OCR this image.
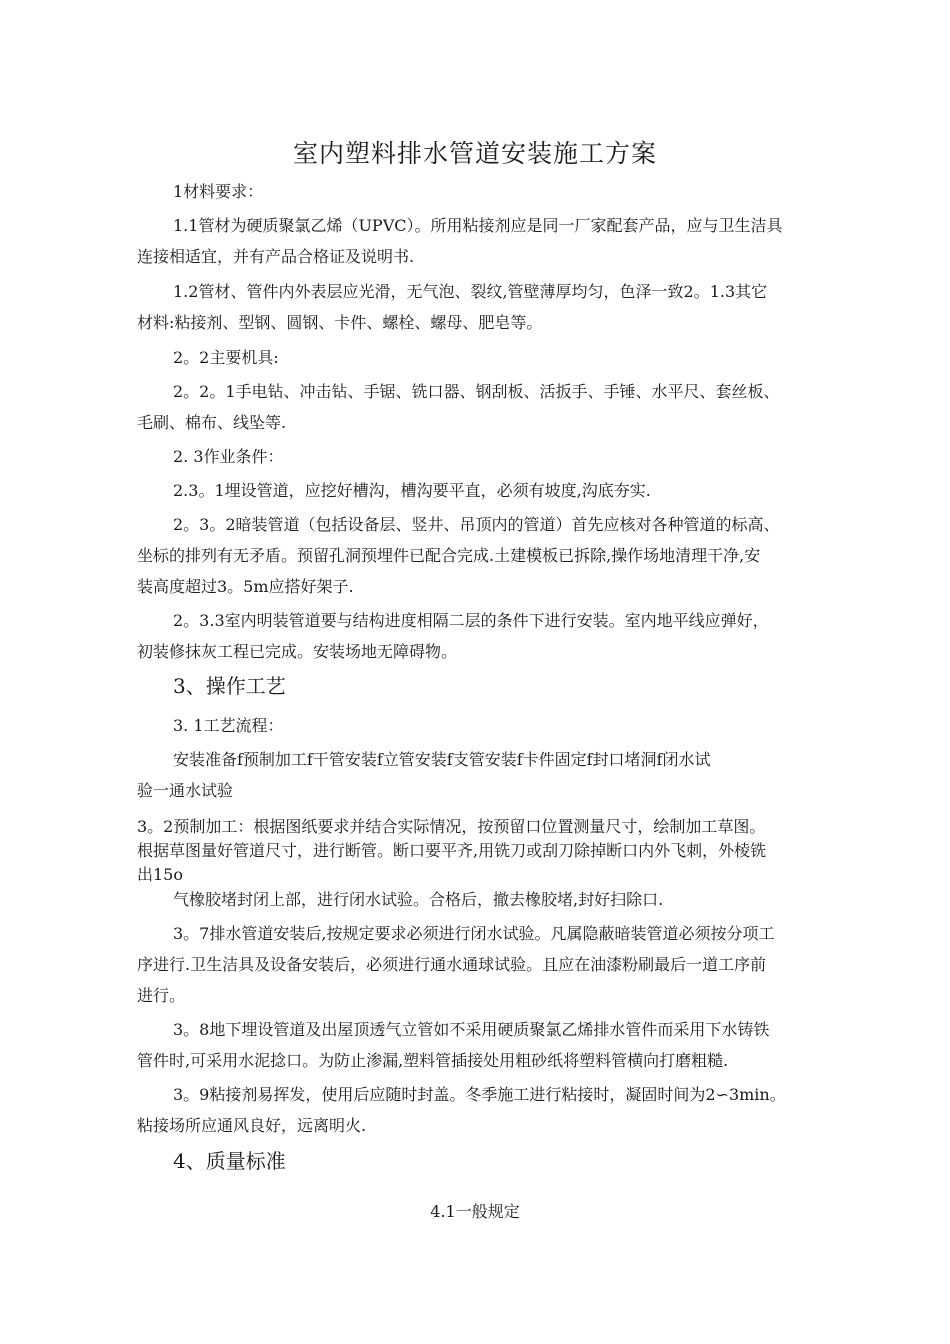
室内塑料排水管道安装施工方案
1材料要求：
1.1管材为硬质聚氯乙烯（UPVC）。所用粘接剂应是同一厂家配套产品，应与卫生洁具
连接相适宜，并有产品合格证及说明书.
1.2管材、管件内外表层应光滑，无气泡、裂纹,管壁薄厚均匀，色泽一致2。1.3其它
材料:粘接剂、型钢、圆钢、卡件、螺栓、螺母、肥皂等。
2。2主要机具:
2。2。1手电钻、冲击钻、手锯、铣口器、钢刮板、活扳手、手锤、水平尺、套丝板、
毛刷、棉布、线坠等.
2. 3作业条件：
2.3。1埋设管道，应挖好槽沟，槽沟要平直，必须有坡度,沟底夯实.
2。3。2暗装管道（包括设备层、竖井、吊顶内的管道）首先应核对各种管道的标高、
坐标的排列有无矛盾。预留孔洞预埋件已配合完成.土建模板已拆除,操作场地清理干净,安
装高度超过3。5m应搭好架子.
2。3.3室内明装管道要与结构进度相隔二层的条件下进行安装。室内地平线应弹好，
初装修抹灰工程已完成。安装场地无障碍物。
3、操作工艺
3. 1工艺流程：
安装准备f预制加工f干管安装f立管安装f支管安装f卡件固定f封口堵洞f闭水试
验一通水试验
3。2预制加工：根据图纸要求并结合实际情况，按预留口位置测量尺寸，绘制加工草图。
根据草图量好管道尺寸，进行断管。断口要平齐,用铣刀或刮刀除掉断口内外飞刺，外棱铣
出15o
气橡胶堵封闭上部，进行闭水试验。合格后，撤去橡胶堵,封好扫除口.
3。7排水管道安装后,按规定要求必须进行闭水试验。凡属隐蔽暗装管道必须按分项工
序进行.卫生洁具及设备安装后，必须进行通水通球试验。且应在油漆粉刷最后一道工序前
进行。
3。8地下埋设管道及出屋顶透气立管如不采用硬质聚氯乙烯排水管件而采用下水铸铁
管件时,可采用水泥捻口。为防止渗漏,塑料管插接处用粗砂纸将塑料管横向打磨粗糙.
3。9粘接剂易挥发，使用后应随时封盖。冬季施工进行粘接时，凝固时间为2∽3min。
粘接场所应通风良好，远离明火.
4、质量标准
4.1一般规定
